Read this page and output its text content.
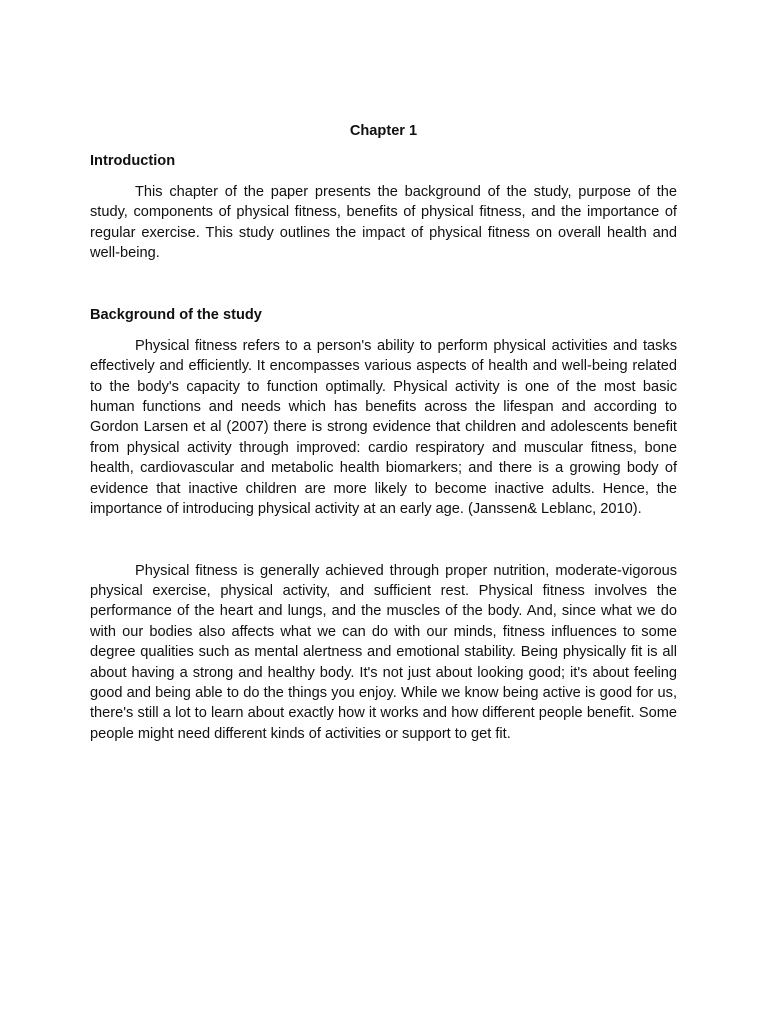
Chapter 1
Introduction

This chapter of the paper presents the background of the study, purpose of the study, components of physical fitness, benefits of physical fitness, and the importance of regular exercise. This study outlines the impact of physical fitness on overall health and well-being.

Background of the study

Physical fitness refers to a person's ability to perform physical activities and tasks effectively and efficiently. It encompasses various aspects of health and well-being related to the body's capacity to function optimally. Physical activity is one of the most basic human functions and needs which has benefits across the lifespan and according to Gordon Larsen et al (2007) there is strong evidence that children and adolescents benefit from physical activity through improved: cardio respiratory and muscular fitness, bone health, cardiovascular and metabolic health biomarkers; and there is a growing body of evidence that inactive children are more likely to become inactive adults. Hence, the importance of introducing physical activity at an early age. (Janssen& Leblanc, 2010).

Physical fitness is generally achieved through proper nutrition, moderate-vigorous physical exercise, physical activity, and sufficient rest. Physical fitness involves the performance of the heart and lungs, and the muscles of the body. And, since what we do with our bodies also affects what we can do with our minds, fitness influences to some degree qualities such as mental alertness and emotional stability. Being physically fit is all about having a strong and healthy body. It's not just about looking good; it's about feeling good and being able to do the things you enjoy. While we know being active is good for us, there's still a lot to learn about exactly how it works and how different people benefit. Some people might need different kinds of activities or support to get fit.
